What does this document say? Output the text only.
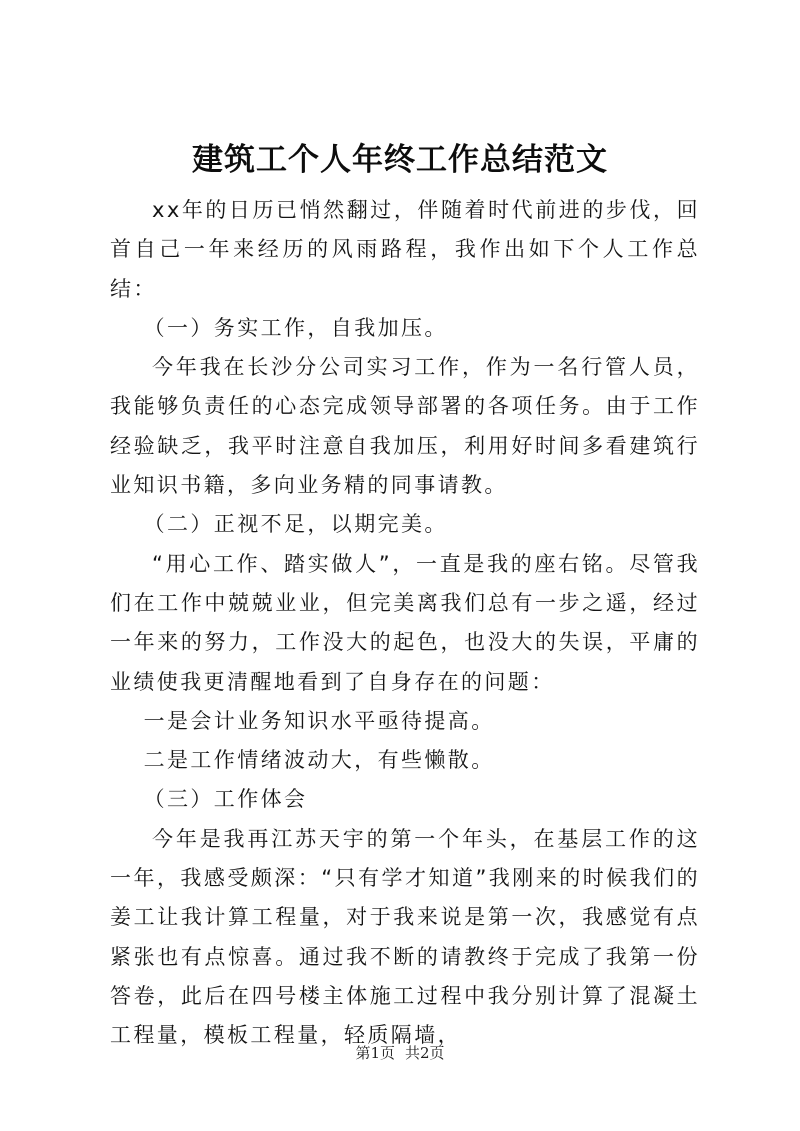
建筑工个人年终工作总结范文

xx年的日历已悄然翻过，伴随着时代前进的步伐，回首自己一年来经历的风雨路程，我作出如下个人工作总结：

（一）务实工作，自我加压。

今年我在长沙分公司实习工作，作为一名行管人员，我能够负责任的心态完成领导部署的各项任务。由于工作经验缺乏，我平时注意自我加压，利用好时间多看建筑行业知识书籍，多向业务精的同事请教。

（二）正视不足，以期完美。

“用心工作、踏实做人”，一直是我的座右铭。尽管我们在工作中兢兢业业，但完美离我们总有一步之遥，经过一年来的努力，工作没大的起色，也没大的失误，平庸的业绩使我更清醒地看到了自身存在的问题：

一是会计业务知识水平亟待提高。

二是工作情绪波动大，有些懒散。

（三）工作体会

今年是我再江苏天宇的第一个年头，在基层工作的这一年，我感受颇深：“只有学才知道”我刚来的时候我们的姜工让我计算工程量，对于我来说是第一次，我感觉有点紧张也有点惊喜。通过我不断的请教终于完成了我第一份答卷，此后在四号楼主体施工过程中我分别计算了混凝土工程量，模板工程量，轻质隔墙，

第1页 共2页
